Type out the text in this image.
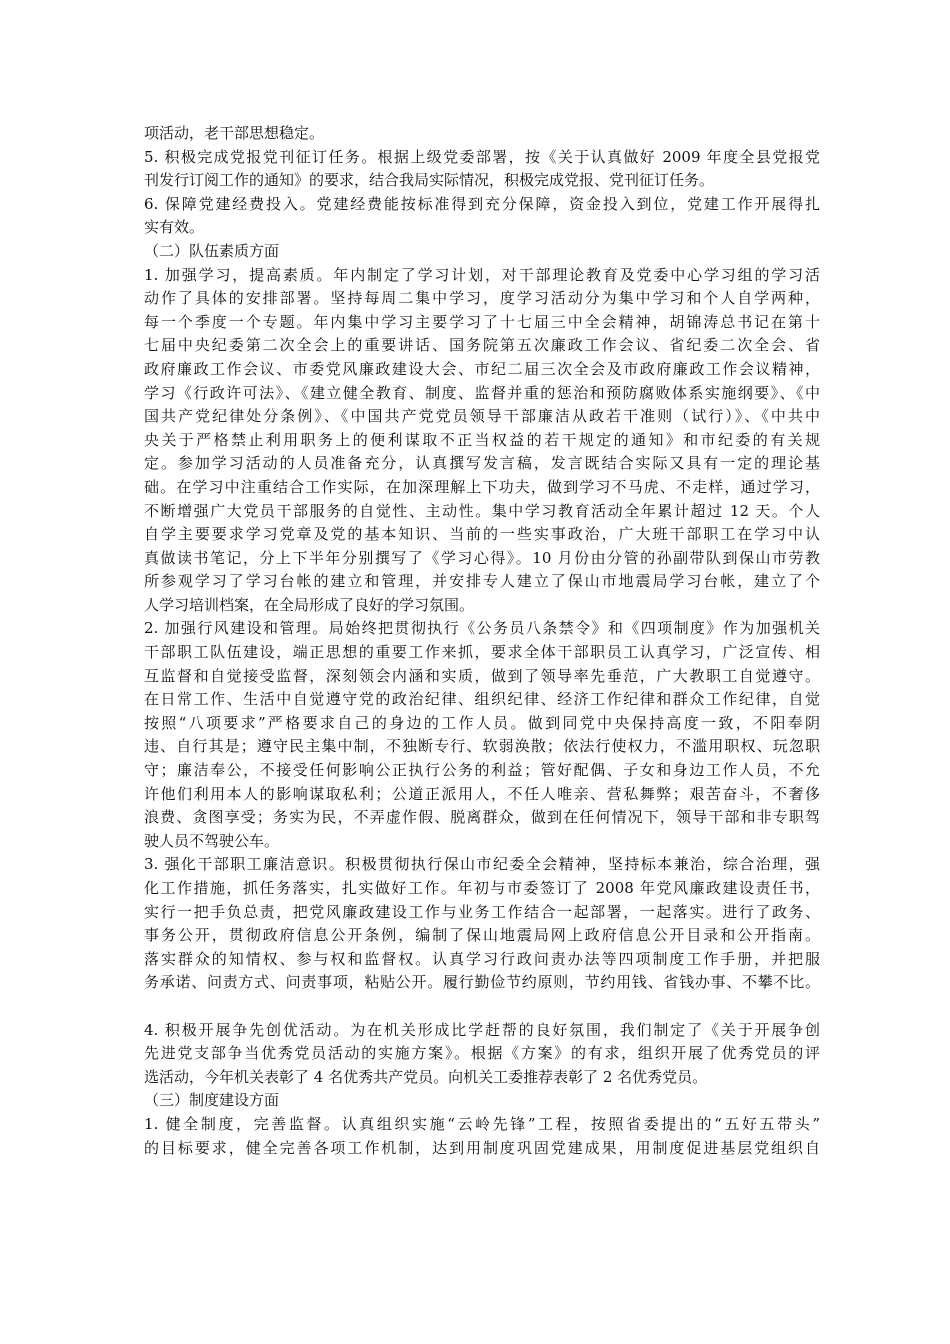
项活动，老干部思想稳定。
5. 积极完成党报党刊征订任务。根据上级党委部署，按《关于认真做好 2009 年度全县党报党
刊发行订阅工作的通知》的要求，结合我局实际情况，积极完成党报、党刊征订任务。
6. 保障党建经费投入。党建经费能按标准得到充分保障，资金投入到位，党建工作开展得扎
实有效。
（二）队伍素质方面
1. 加强学习，提高素质。年内制定了学习计划，对干部理论教育及党委中心学习组的学习活
动作了具体的安排部署。坚持每周二集中学习，度学习活动分为集中学习和个人自学两种，
每一个季度一个专题。年内集中学习主要学习了十七届三中全会精神，胡锦涛总书记在第十
七届中央纪委第二次全会上的重要讲话、国务院第五次廉政工作会议、省纪委二次全会、省
政府廉政工作会议、市委党风廉政建设大会、市纪二届三次全会及市政府廉政工作会议精神，
学习《行政许可法》、《建立健全教育、制度、监督并重的惩治和预防腐败体系实施纲要》、《中
国共产党纪律处分条例》、《中国共产党党员领导干部廉洁从政若干准则（试行）》、《中共中
央关于严格禁止利用职务上的便利谋取不正当权益的若干规定的通知》和市纪委的有关规
定。参加学习活动的人员准备充分，认真撰写发言稿，发言既结合实际又具有一定的理论基
础。在学习中注重结合工作实际，在加深理解上下功夫，做到学习不马虎、不走样，通过学习，
不断增强广大党员干部服务的自觉性、主动性。集中学习教育活动全年累计超过 12 天。个人
自学主要要求学习党章及党的基本知识、当前的一些实事政治，广大班干部职工在学习中认
真做读书笔记，分上下半年分别撰写了《学习心得》。10 月份由分管的孙副带队到保山市劳教
所参观学习了学习台帐的建立和管理，并安排专人建立了保山市地震局学习台帐，建立了个
人学习培训档案，在全局形成了良好的学习氛围。
2. 加强行风建设和管理。局始终把贯彻执行《公务员八条禁令》和《四项制度》作为加强机关
干部职工队伍建设，端正思想的重要工作来抓，要求全体干部职员工认真学习，广泛宣传、相
互监督和自觉接受监督，深刻领会内涵和实质，做到了领导率先垂范，广大教职工自觉遵守。
在日常工作、生活中自觉遵守党的政治纪律、组织纪律、经济工作纪律和群众工作纪律，自觉
按照“八项要求”严格要求自己的身边的工作人员。做到同党中央保持高度一致，不阳奉阴
违、自行其是；遵守民主集中制，不独断专行、软弱涣散；依法行使权力，不滥用职权、玩忽职
守；廉洁奉公，不接受任何影响公正执行公务的利益；管好配偶、子女和身边工作人员，不允
许他们利用本人的影响谋取私利；公道正派用人，不任人唯亲、营私舞弊；艰苦奋斗，不奢侈
浪费、贪图享受；务实为民，不弄虚作假、脱离群众，做到在任何情况下，领导干部和非专职驾
驶人员不驾驶公车。
3. 强化干部职工廉洁意识。积极贯彻执行保山市纪委全会精神，坚持标本兼治，综合治理，强
化工作措施，抓任务落实，扎实做好工作。年初与市委签订了 2008 年党风廉政建设责任书，
实行一把手负总责，把党风廉政建设工作与业务工作结合一起部署，一起落实。进行了政务、
事务公开，贯彻政府信息公开条例，编制了保山地震局网上政府信息公开目录和公开指南。
落实群众的知情权、参与权和监督权。认真学习行政问责办法等四项制度工作手册，并把服
务承诺、问责方式、问责事项，粘贴公开。履行勤俭节约原则，节约用钱、省钱办事、不攀不比。
4. 积极开展争先创优活动。为在机关形成比学赶帮的良好氛围，我们制定了《关于开展争创
先进党支部争当优秀党员活动的实施方案》。根据《方案》的有求，组织开展了优秀党员的评
选活动，今年机关表彰了 4 名优秀共产党员。向机关工委推荐表彰了 2 名优秀党员。
（三）制度建设方面
1. 健全制度，完善监督。认真组织实施“云岭先锋”工程，按照省委提出的“五好五带头”
的目标要求，健全完善各项工作机制，达到用制度巩固党建成果，用制度促进基层党组织自
